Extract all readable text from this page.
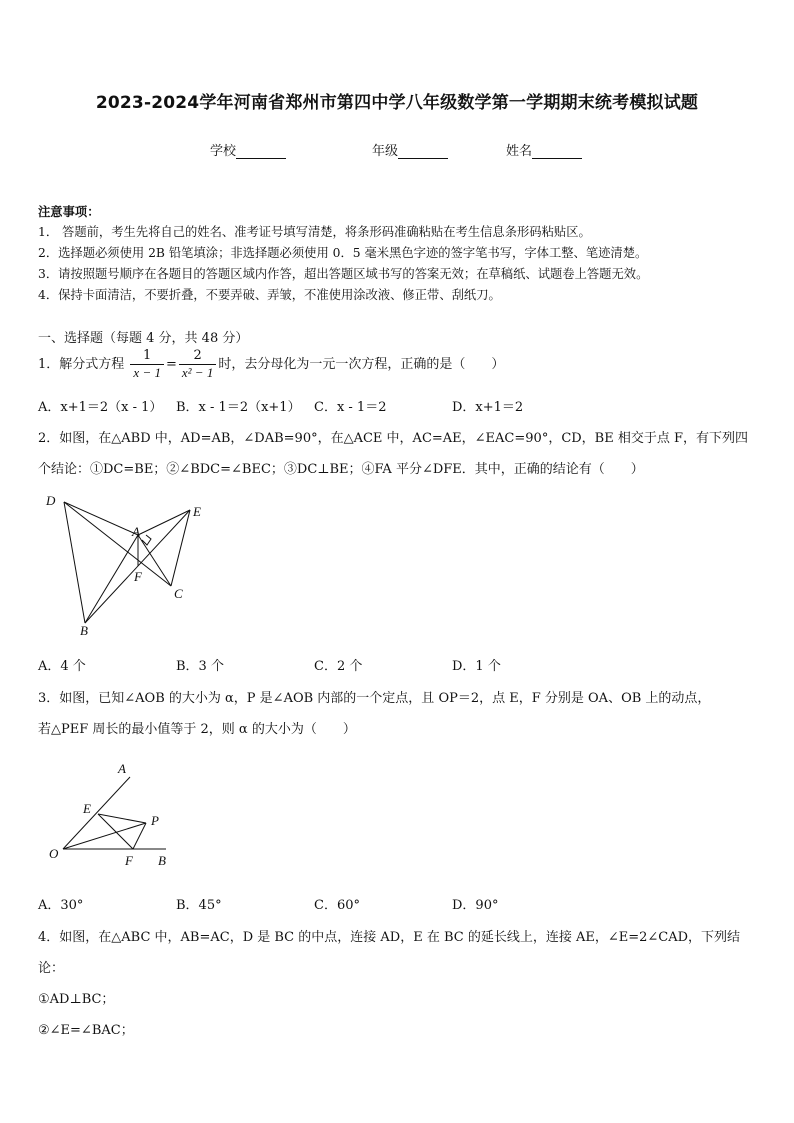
2023-2024学年河南省郑州市第四中学八年级数学第一学期期末统考模拟试题
学校	年级	姓名
注意事项：
1． 答题前，考生先将自己的姓名、准考证号填写清楚，将条形码准确粘贴在考生信息条形码粘贴区。
2．选择题必须使用 2B 铅笔填涂；非选择题必须使用 0．5 毫米黑色字迹的签字笔书写，字体工整、笔迹清楚。
3．请按照题号顺序在各题目的答题区域内作答，超出答题区域书写的答案无效；在草稿纸、试题卷上答题无效。
4．保持卡面清洁，不要折叠，不要弄破、弄皱，不准使用涂改液、修正带、刮纸刀。
一、选择题（每题 4 分，共 48 分）
1．解分式方程 $\frac{1}{x - 1} = \frac{2}{\text{x² − 1}}$ 时，去分母化为一元一次方程，正确的是（　　）
A．x+1＝2（x - 1） B．x - 1＝2（x+1） C．x - 1＝2	D．x+1＝2
2．如图，在△ABD 中，AD=AB，∠DAB=90°，在△ACE 中，AC=AE，∠EAC=90°，CD，BE 相交于点 F，有下列四
个结论：①DC=BE；②∠BDC=∠BEC；③DC⊥BE；④FA 平分∠DFE．其中，正确的结论有（　　）
D
A
E
F
C
B
A．4 个	B．3 个	C．2 个	D．1 个
3．如图，已知∠AOB 的大小为 α，P 是∠AOB 内部的一个定点，且 OP＝2，点 E，F 分别是 OA、OB 上的动点，
若△PEF 周长的最小值等于 2，则 α 的大小为（　　）
A
E
P
O	F B
A．30°	B．45°	C．60°	D．90°
4．如图，在△ABC 中，AB=AC，D 是 BC 的中点，连接 AD，E 在 BC 的延长线上，连接 AE，∠E=2∠CAD，下列结
论：
①AD⊥BC；
②∠E=∠BAC；
